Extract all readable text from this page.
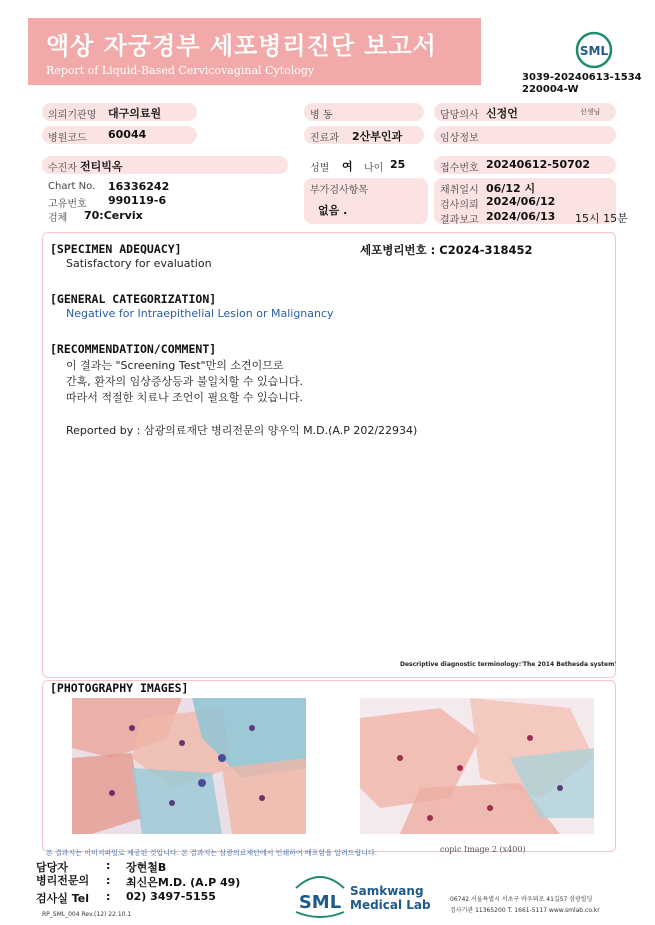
액상 자궁경부 세포병리진단 보고서
Report of Liquid-Based Cervicovaginal Cytology
SML
3039-20240613-1534
220004-W
의뢰기관명 대구의료원
병원코드 60044
수진자 전티빅옥
Chart No. 16336242
고유번호 990119-6
검체 70:Cervix
병 동
진료과 2산부인과
성별 여 나이 25
부가검사항목
없음 .
담당의사 신정언	선생님
임상정보
접수번호 20240612-50702
채취일시 06/12 시
검사의뢰 2024/06/12
결과보고 2024/06/13 15시 15분
[SPECIMEN ADEQUACY]
Satisfactory for evaluation
세포병리번호 : C2024-318452
[GENERAL CATEGORIZATION]
Negative for Intraepithelial Lesion or Malignancy
[RECOMMENDATION/COMMENT]
이 결과는 "Screening Test"만의 소견이므로
간혹, 환자의 임상증상등과 불일치할 수 있습니다.
따라서 적절한 치료나 조언이 필요할 수 있습니다.
Reported by : 삼광의료재단 병리전문의 양우익 M.D.(A.P 202/22934)
Descriptive diagnostic terminology:'The 2014 Bethesda system'
[PHOTOGRAPHY IMAGES]
copic Image 2 (x400)
본 결과지는 이미지파일로 제공된 것입니다. 본 결과지는 삼광의료재단에서 인쇄하여 배포함을 알려드립니다.
담당자	: 장현철B
병리전문의 : 최신은M.D. (A.P 49)
검사실 Tel : 02) 3497-5155
RP_SML_004 Rev.(12) 22.10.1
SML
Samkwang
Medical Lab	06742 서울특별시 서초구 바우뫼로 41길57 삼광빌딩
검사기관 11365200 T. 1661-5117 www.smlab.co.kr
